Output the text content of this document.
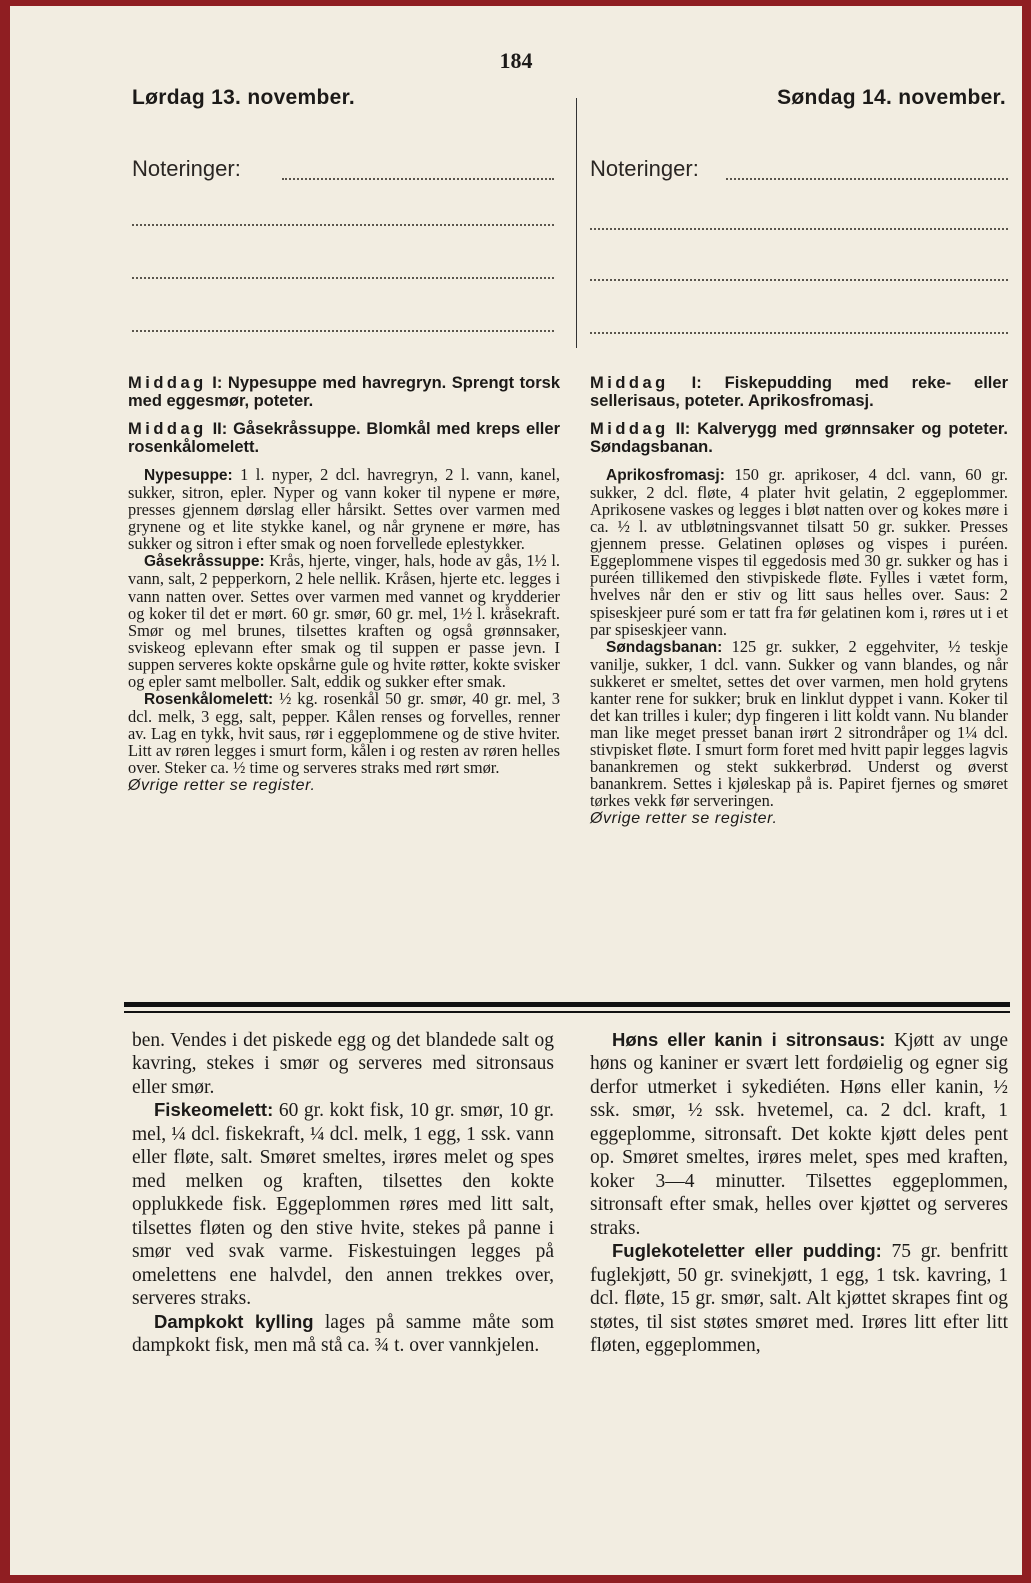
184
Lørdag 13. november.	Søndag 14. november.
Noteringer:	Noteringer:

Middag I: Nypesuppe med havregryn. Sprengt torsk med eggesmør, poteter.

Middag II: Gåsekråssuppe. Blomkål med kreps eller rosenkålomelett.

Middag I: Fiskepudding med reke- eller sellerisaus, poteter. Aprikosfromasj.

Middag II: Kalverygg med grønnsaker og poteter. Søndagsbanan.

Nypesuppe: 1 l. nyper, 2 dcl. havregryn, 2 l. vann, kanel, sukker, sitron, epler. Nyper og vann koker til nypene er møre, presses gjennem dørslag eller hårsikt. Settes over varmen med grynene og et lite stykke kanel, og når grynene er møre, has sukker og sitron i efter smak og noen forvellede eplestykker.

Gåsekråssuppe: Krås, hjerte, vinger, hals, hode av gås, 1½ l. vann, salt, 2 pepperkorn, 2 hele nellik. Kråsen, hjerte etc. legges i vann natten over. Settes over varmen med vannet og krydderier og koker til det er mørt. 60 gr. smør, 60 gr. mel, 1½ l. kråsekraft. Smør og mel brunes, tilsettes kraften og også grønnsaker, sviskeog eplevann efter smak og til suppen er passe jevn. I suppen serveres kokte opskårne gule og hvite røtter, kokte svisker og epler samt melboller. Salt, eddik og sukker efter smak.

Rosenkålomelett: ½ kg. rosenkål 50 gr. smør, 40 gr. mel, 3 dcl. melk, 3 egg, salt, pepper. Kålen renses og forvelles, renner av. Lag en tykk, hvit saus, rør i eggeplommene og de stive hviter. Litt av røren legges i smurt form, kålen i og resten av røren helles over. Steker ca. ½ time og serveres straks med rørt smør.

Øvrige retter se register.

Aprikosfromasj: 150 gr. aprikoser, 4 dcl. vann, 60 gr. sukker, 2 dcl. fløte, 4 plater hvit gelatin, 2 eggeplommer. Aprikosene vaskes og legges i bløt natten over og kokes møre i ca. ½ l. av utbløtningsvannet tilsatt 50 gr. sukker. Presses gjennem presse. Gelatinen opløses og vispes i puréen. Eggeplommene vispes til eggedosis med 30 gr. sukker og has i puréen tillikemed den stivpiskede fløte. Fylles i vætet form, hvelves når den er stiv og litt saus helles over. Saus: 2 spiseskjeer puré som er tatt fra før gelatinen kom i, røres ut i et par spiseskjeer vann.

Søndagsbanan: 125 gr. sukker, 2 eggehviter, ½ teskje vanilje, sukker, 1 dcl. vann. Sukker og vann blandes, og når sukkeret er smeltet, settes det over varmen, men hold grytens kanter rene for sukker; bruk en linklut dyppet i vann. Koker til det kan trilles i kuler; dyp fingeren i litt koldt vann. Nu blander man like meget presset banan irørt 2 sitrondråper og 1¼ dcl. stivpisket fløte. I smurt form foret med hvitt papir legges lagvis banankremen og stekt sukkerbrød. Underst og øverst banankrem. Settes i kjøleskap på is. Papiret fjernes og smøret tørkes vekk før serveringen.

Øvrige retter se register.

ben. Vendes i det piskede egg og det blandede salt og kavring, stekes i smør og serveres med sitronsaus eller smør.

Fiskeomelett: 60 gr. kokt fisk, 10 gr. smør, 10 gr. mel, ¼ dcl. fiskekraft, ¼ dcl. melk, 1 egg, 1 ssk. vann eller fløte, salt. Smøret smeltes, irøres melet og spes med melken og kraften, tilsettes den kokte opplukkede fisk. Eggeplommen røres med litt salt, tilsettes fløten og den stive hvite, stekes på panne i smør ved svak varme. Fiskestuingen legges på omelettens ene halvdel, den annen trekkes over, serveres straks.

Dampkokt kylling lages på samme måte som dampkokt fisk, men må stå ca. ¾ t. over vannkjelen.

Høns eller kanin i sitronsaus: Kjøtt av unge høns og kaniner er svært lett fordøielig og egner sig derfor utmerket i sykediéten. Høns eller kanin, ½ ssk. smør, ½ ssk. hvetemel, ca. 2 dcl. kraft, 1 eggeplomme, sitronsaft. Det kokte kjøtt deles pent op. Smøret smeltes, irøres melet, spes med kraften, koker 3—4 minutter. Tilsettes eggeplommen, sitronsaft efter smak, helles over kjøttet og serveres straks.

Fuglekoteletter eller pudding: 75 gr. benfritt fuglekjøtt, 50 gr. svinekjøtt, 1 egg, 1 tsk. kavring, 1 dcl. fløte, 15 gr. smør, salt. Alt kjøttet skrapes fint og støtes, til sist støtes smøret med. Irøres litt efter litt fløten, eggeplommen,
